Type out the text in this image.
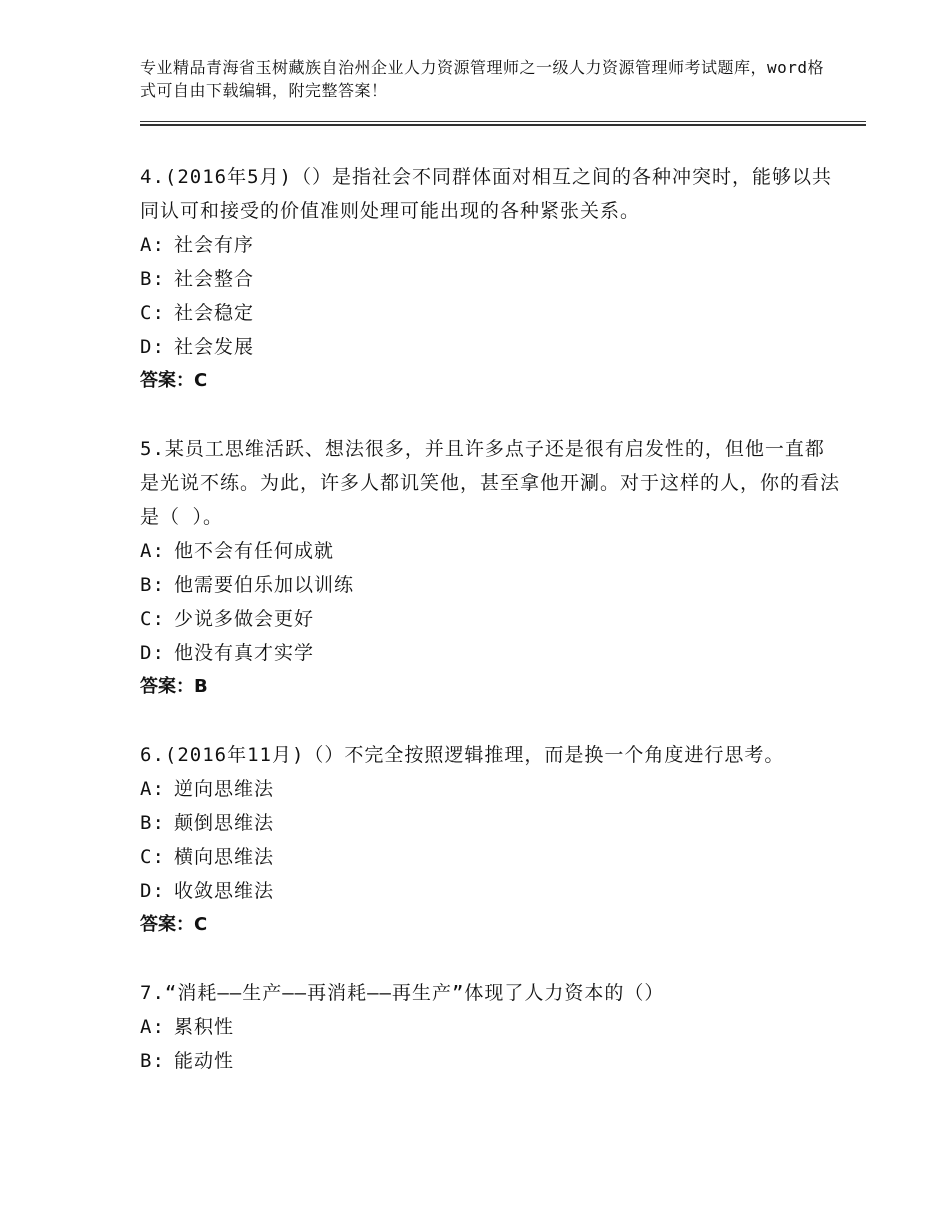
专业精品青海省玉树藏族自治州企业人力资源管理师之一级人力资源管理师考试题库，word格式可自由下载编辑，附完整答案！

4.(2016年5月)（）是指社会不同群体面对相互之间的各种冲突时，能够以共同认可和接受的价值准则处理可能出现的各种紧张关系。

A: 社会有序

B: 社会整合

C: 社会稳定

D: 社会发展

答案：C

5.某员工思维活跃、想法很多，并且许多点子还是很有启发性的，但他一直都是光说不练。为此，许多人都讥笑他，甚至拿他开涮。对于这样的人，你的看法是（ ）。

A: 他不会有任何成就

B: 他需要伯乐加以训练

C: 少说多做会更好

D: 他没有真才实学

答案：B

6.(2016年11月)（）不完全按照逻辑推理，而是换一个角度进行思考。

A: 逆向思维法

B: 颠倒思维法

C: 横向思维法

D: 收敛思维法

答案：C

7.“消耗——生产——再消耗——再生产”体现了人力资本的（）

A: 累积性

B: 能动性
